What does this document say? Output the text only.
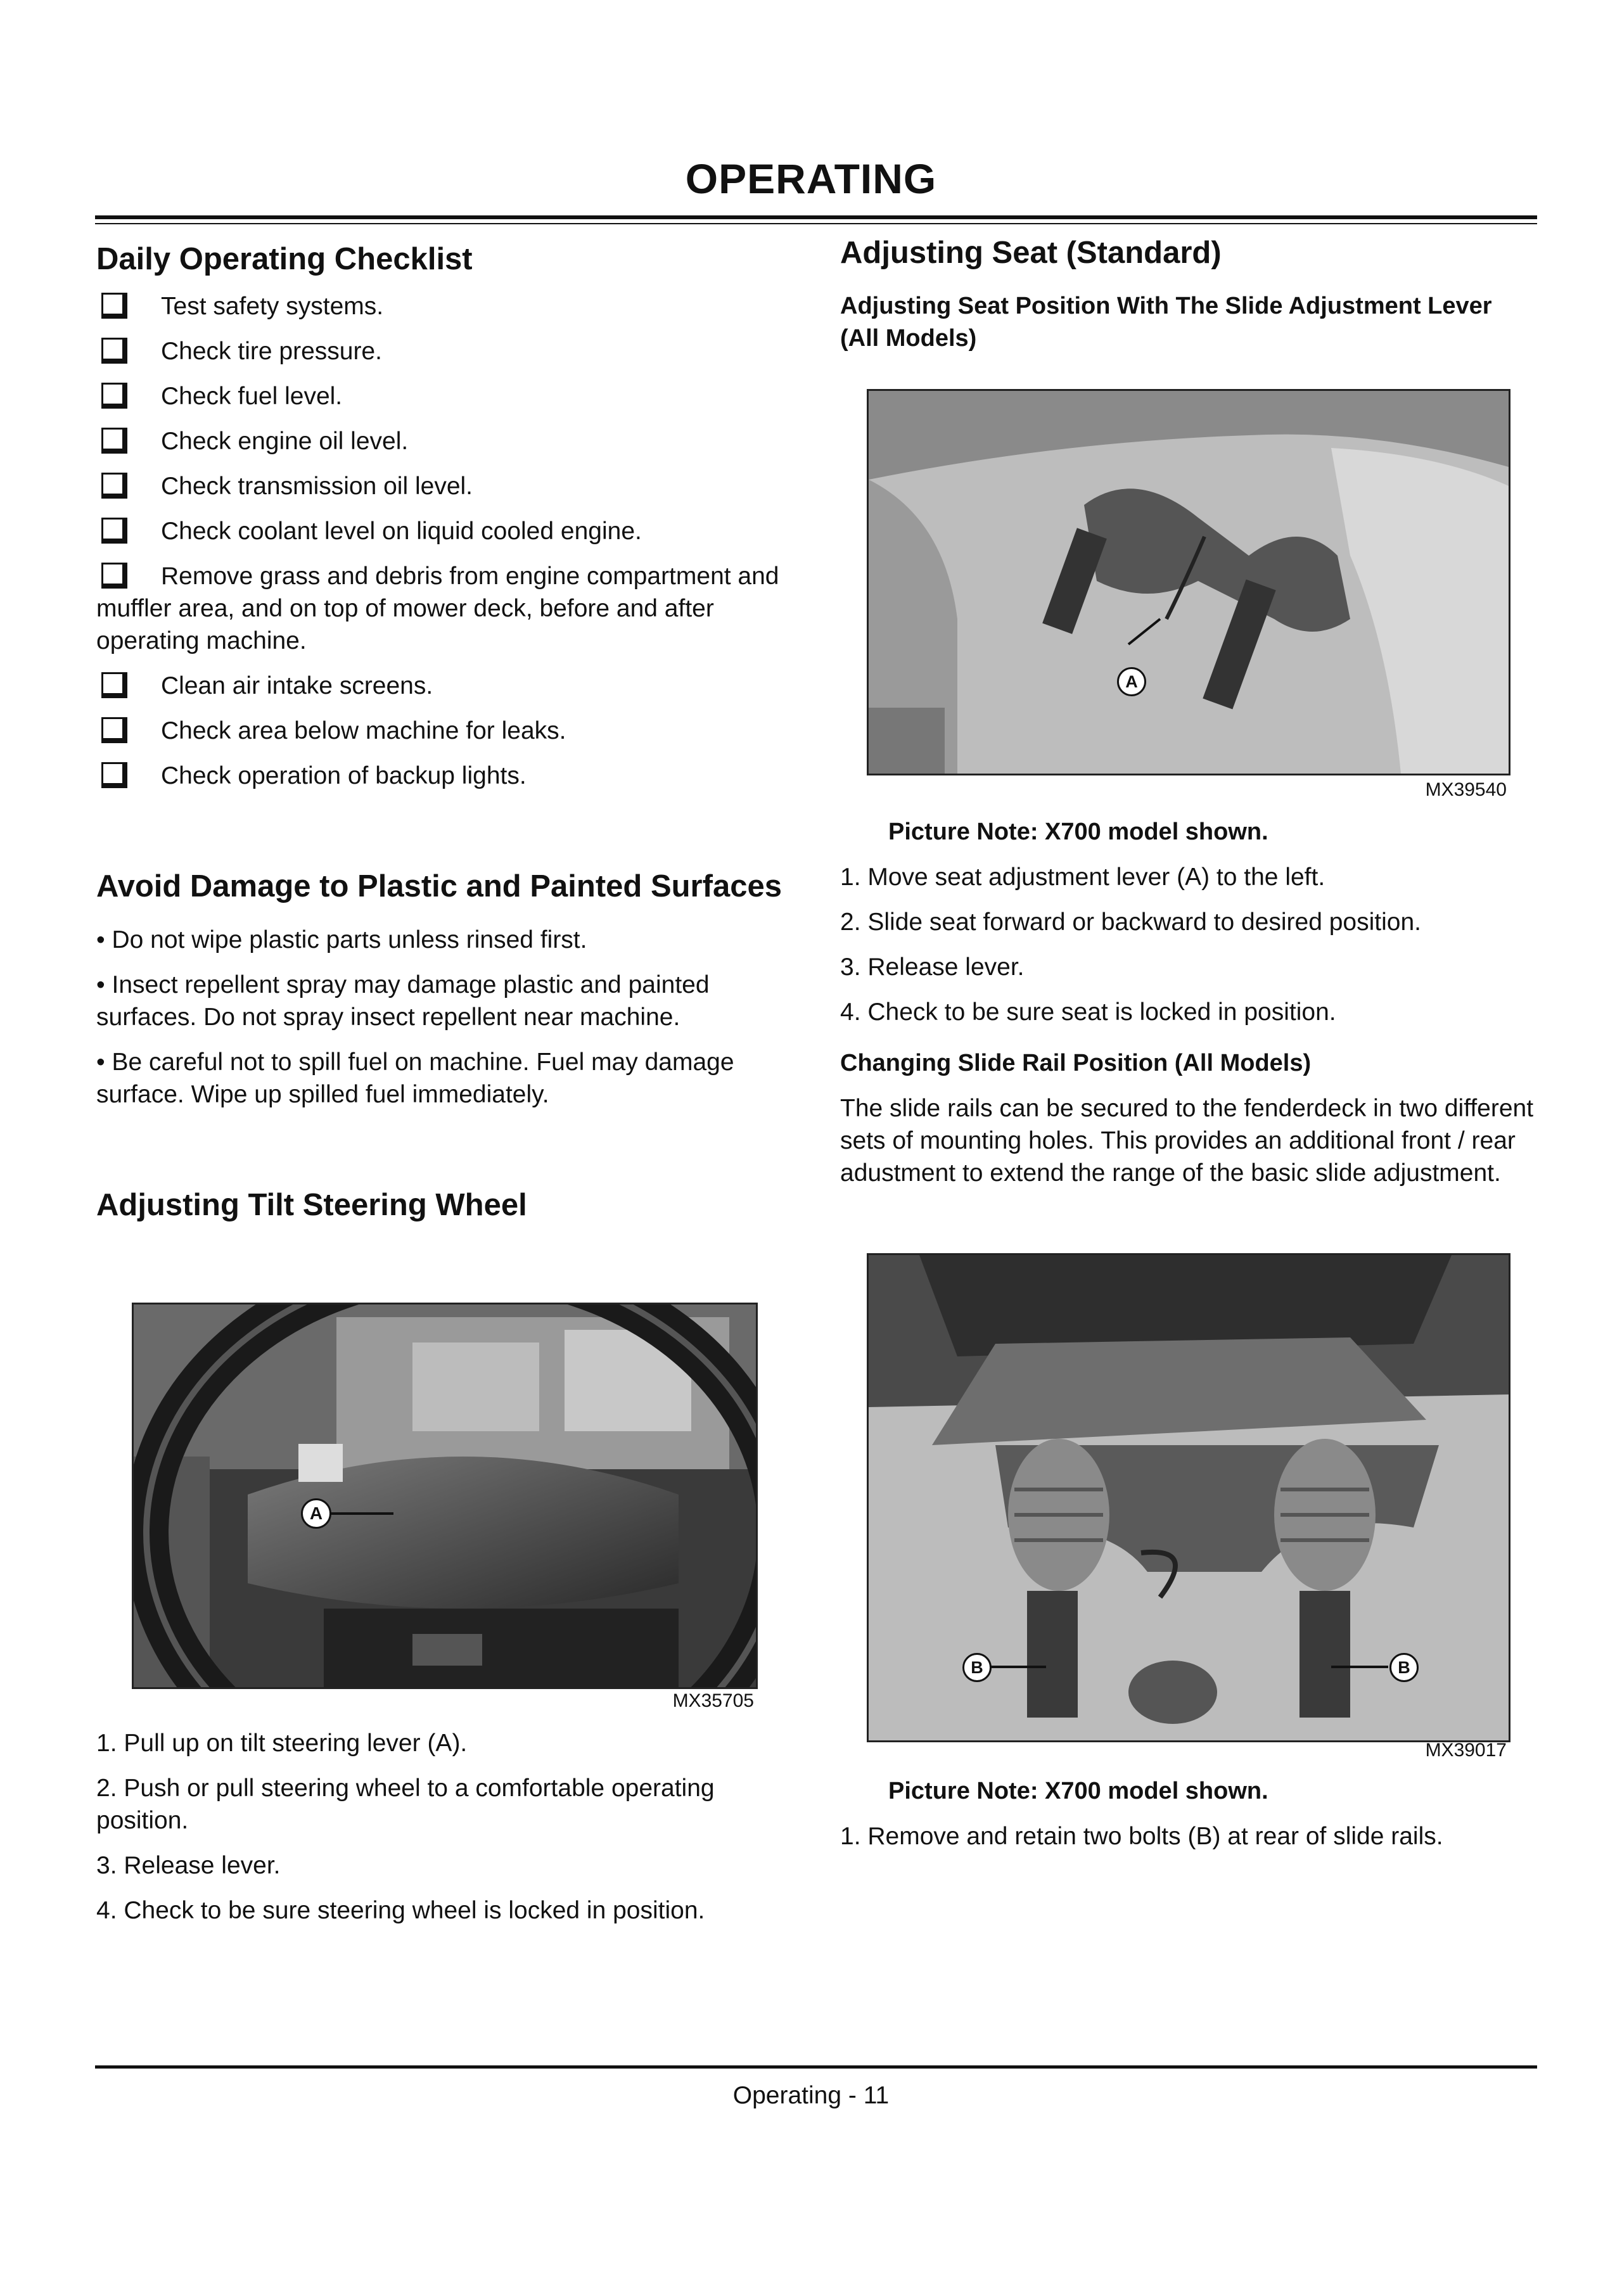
OPERATING
Daily Operating Checklist
Test safety systems.
Check tire pressure.
Check fuel level.
Check engine oil level.
Check transmission oil level.
Check coolant level on liquid cooled engine.
Remove grass and debris from engine compartment and muffler area, and on top of mower deck, before and after operating machine.
Clean air intake screens.
Check area below machine for leaks.
Check operation of backup lights.
Avoid Damage to Plastic and Painted Surfaces

• Do not wipe plastic parts unless rinsed first.

• Insect repellent spray may damage plastic and painted surfaces. Do not spray insect repellent near machine.

• Be careful not to spill fuel on machine. Fuel may damage surface. Wipe up spilled fuel immediately.

Adjusting Tilt Steering Wheel
A
MX35705

1. Pull up on tilt steering lever (A).

2. Push or pull steering wheel to a comfortable operating position.

3. Release lever.

4. Check to be sure steering wheel is locked in position.

Adjusting Seat (Standard)
Adjusting Seat Position With The Slide Adjustment Lever (All Models)
A
MX39540

Picture Note: X700 model shown.

1. Move seat adjustment lever (A) to the left.

2. Slide seat forward or backward to desired position.

3. Release lever.

4. Check to be sure seat is locked in position.

Changing Slide Rail Position (All Models)

The slide rails can be secured to the fenderdeck in two different sets of mounting holes. This provides an additional front / rear adustment to extend the range of the basic slide adjustment.

B	B
MX39017

Picture Note: X700 model shown.

1. Remove and retain two bolts (B) at rear of slide rails.

Operating - 11
